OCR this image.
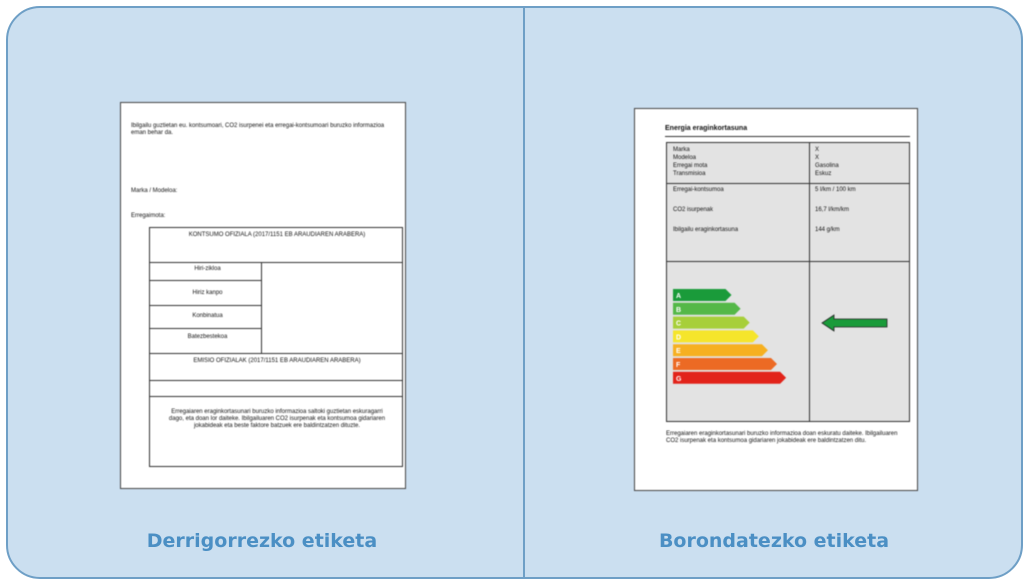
Ibilgailu guztietan eu. kontsumoari, CO2 isurpenei eta erregai-kontsumoari buruzko informazioa eman behar da.
Marka / Modeloa:
Erregaimota:
KONTSUMO OFIZIALA (2017/1151 EB ARAUDIAREN ARABERA)
Hiri-zikloa
Hiriz kanpo
Konbinatua
Batezbestekoa
EMISIO OFIZIALAK (2017/1151 EB ARAUDIAREN ARABERA)
Erregaiaren eraginkortasunari buruzko informazioa saltoki guztietan eskuragarri dago, eta doan lor daiteke. Ibilgailuaren CO2 isurpenak eta kontsumoa gidariaren jokabideak eta beste faktore batzuek ere baldintzatzen dituzte.
Energia eraginkortasuna
Marka	X
Modeloa	X
Erregai mota	Gasolina
Transmisioa	Eskuz
Erregai-kontsumoa	5 l/km / 100 km
CO2 isurpenak	16,7 l/km/km
Ibilgailu eraginkortasuna	144 g/km
A
B
C
D
E
F
G
Erregaiaren eraginkortasunari buruzko informazioa doan eskuratu daiteke. Ibilgailuaren CO2 isurpenak eta kontsumoa gidariaren jokabideak ere baldintzatzen ditu.
Derrigorrezko etiketa	Borondatezko etiketa
